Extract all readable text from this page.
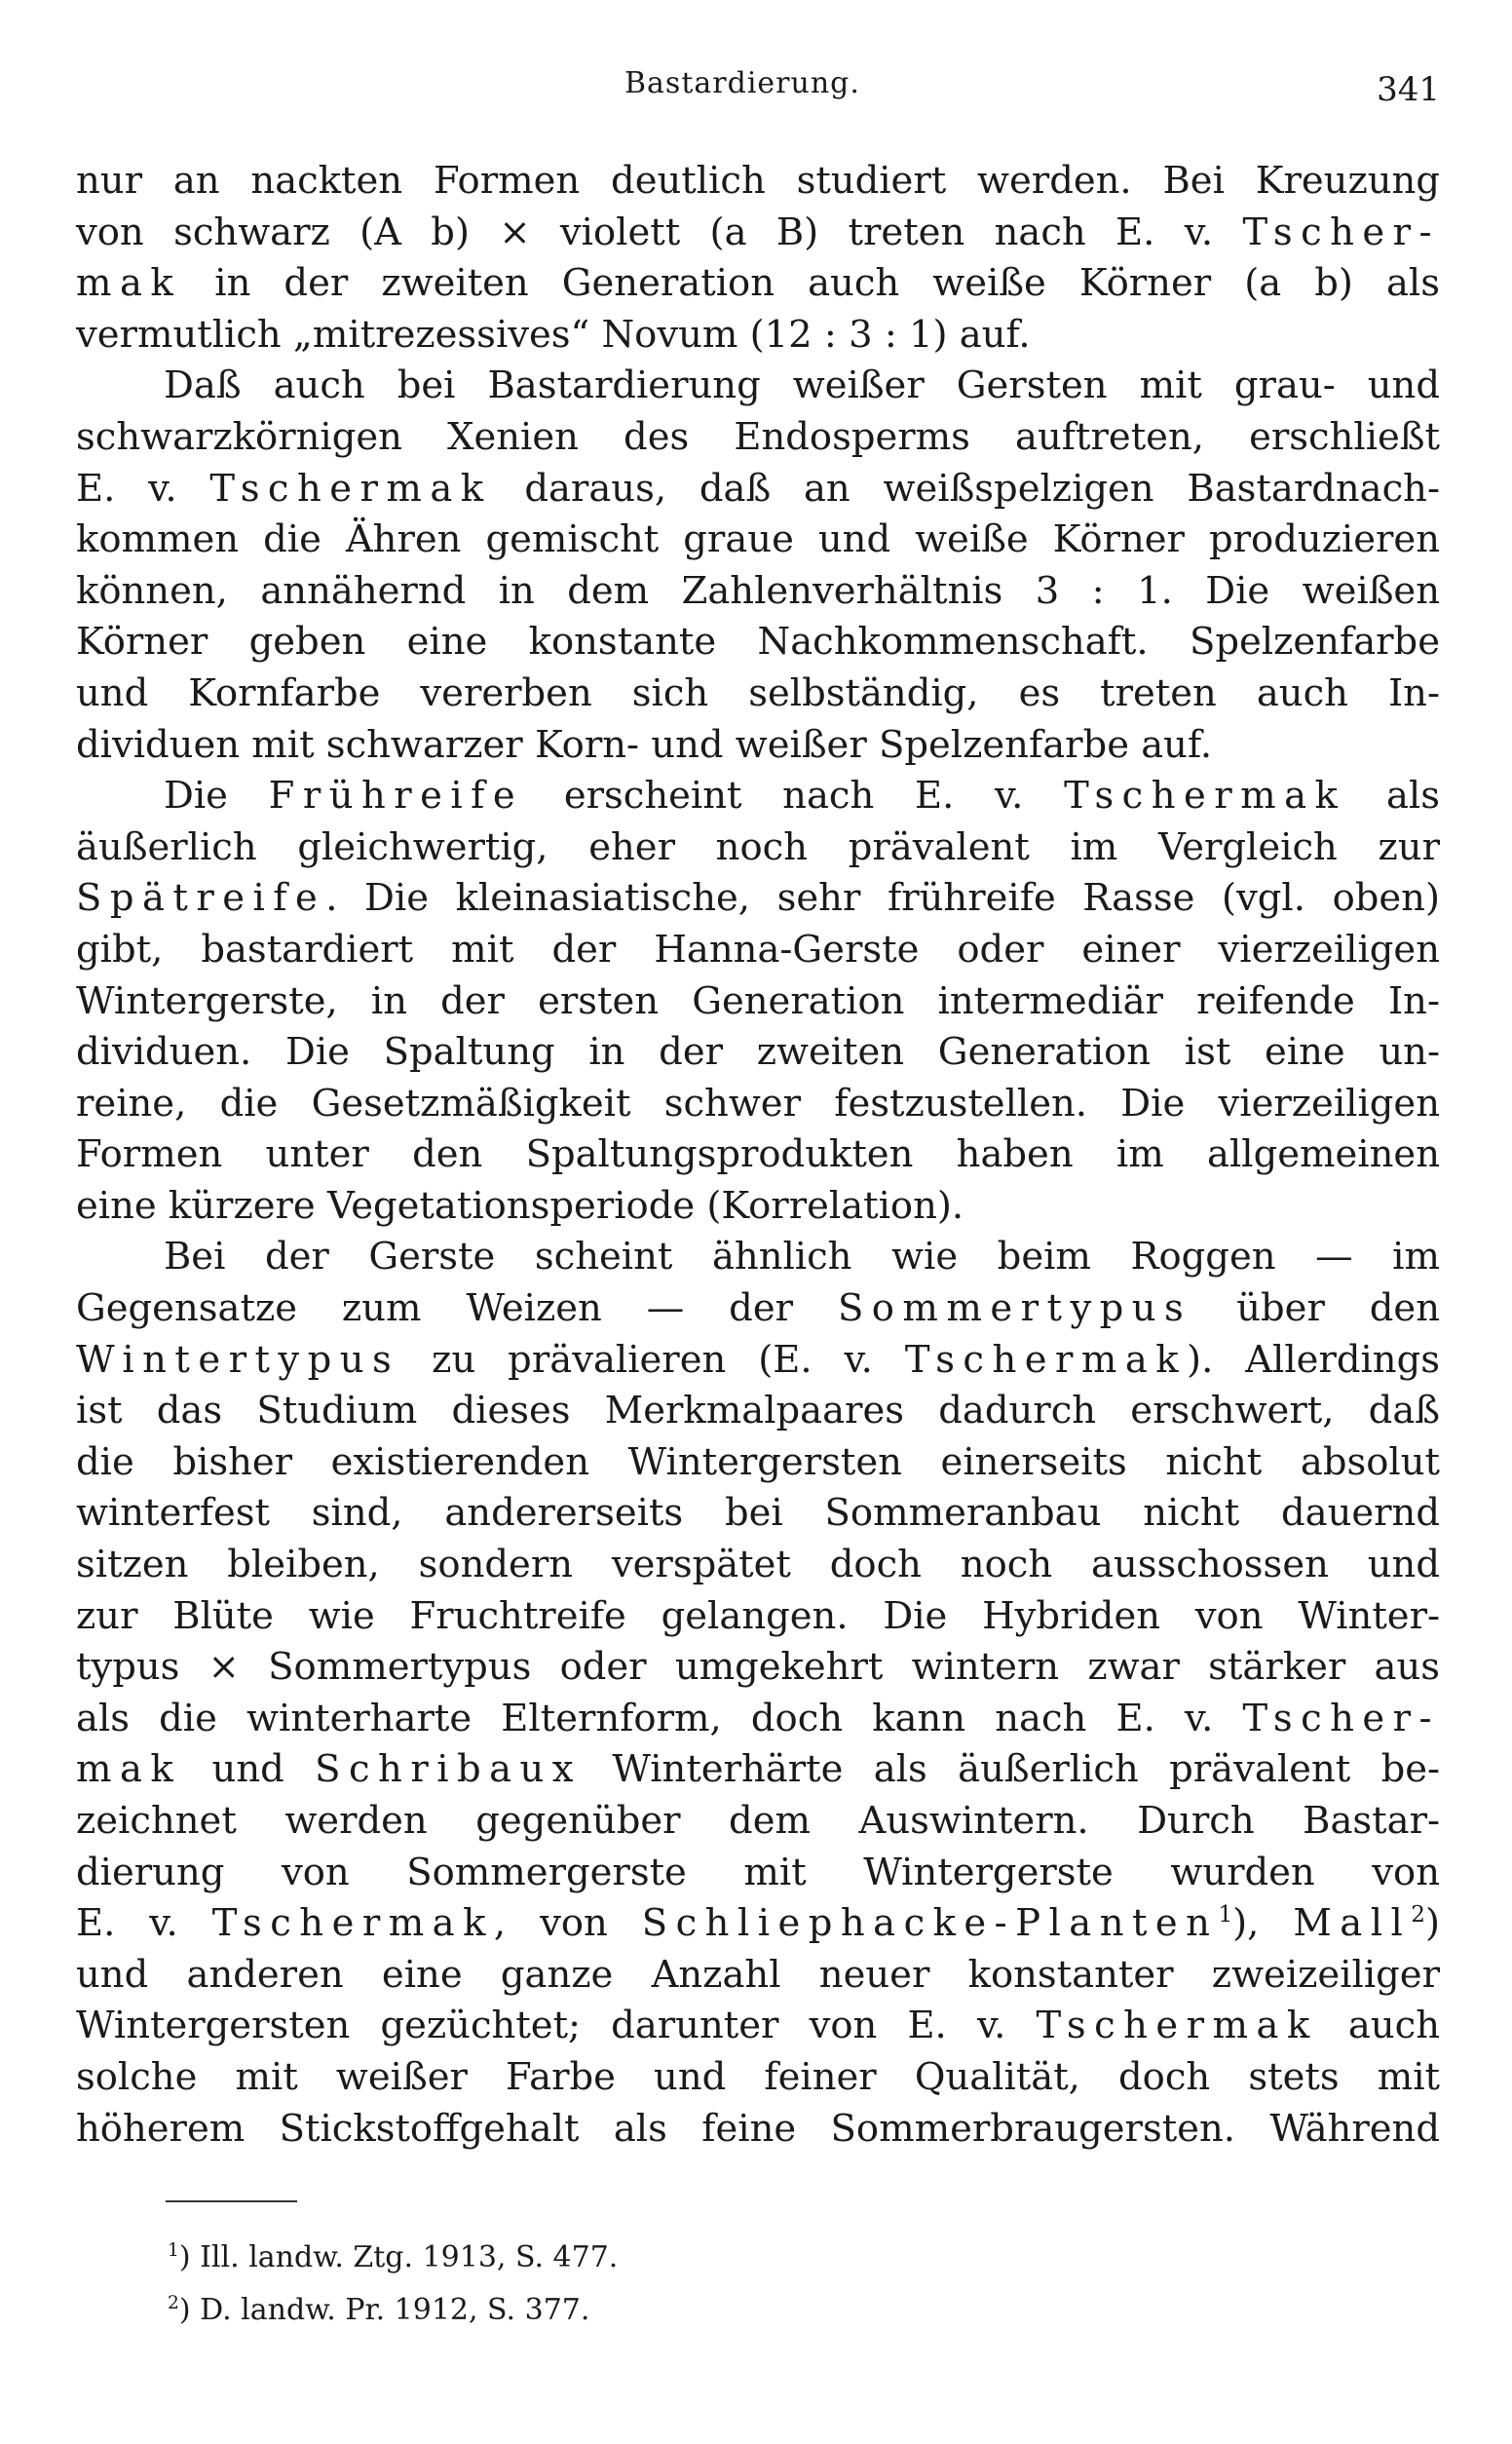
Bastardierung.	341
nur an nackten Formen deutlich studiert werden. Bei Kreuzung
von schwarz (A b) × violett (a B) treten nach E. v. Tscher-
mak in der zweiten Generation auch weiße Körner (a b) als
vermutlich „mitrezessives“ Novum (12 : 3 : 1) auf.
Daß auch bei Bastardierung weißer Gersten mit grau- und
schwarzkörnigen Xenien des Endosperms auftreten, erschließt
E. v. Tschermak daraus, daß an weißspelzigen Bastardnach-
kommen die Ähren gemischt graue und weiße Körner produzieren
können, annähernd in dem Zahlenverhältnis 3 : 1. Die weißen
Körner geben eine konstante Nachkommenschaft. Spelzenfarbe
und Kornfarbe vererben sich selbständig, es treten auch In-
dividuen mit schwarzer Korn- und weißer Spelzenfarbe auf.
Die Frühreife erscheint nach E. v. Tschermak als
äußerlich gleichwertig, eher noch prävalent im Vergleich zur
Spätreife. Die kleinasiatische, sehr frühreife Rasse (vgl. oben)
gibt, bastardiert mit der Hanna-Gerste oder einer vierzeiligen
Wintergerste, in der ersten Generation intermediär reifende In-
dividuen. Die Spaltung in der zweiten Generation ist eine un-
reine, die Gesetzmäßigkeit schwer festzustellen. Die vierzeiligen
Formen unter den Spaltungsprodukten haben im allgemeinen
eine kürzere Vegetationsperiode (Korrelation).
Bei der Gerste scheint ähnlich wie beim Roggen — im
Gegensatze zum Weizen — der Sommertypus über den
Wintertypus zu prävalieren (E. v. Tschermak). Allerdings
ist das Studium dieses Merkmalpaares dadurch erschwert, daß
die bisher existierenden Wintergersten einerseits nicht absolut
winterfest sind, andererseits bei Sommeranbau nicht dauernd
sitzen bleiben, sondern verspätet doch noch ausschossen und
zur Blüte wie Fruchtreife gelangen. Die Hybriden von Winter-
typus × Sommertypus oder umgekehrt wintern zwar stärker aus
als die winterharte Elternform, doch kann nach E. v. Tscher-
mak und Schribaux Winterhärte als äußerlich prävalent be-
zeichnet werden gegenüber dem Auswintern. Durch Bastar-
dierung von Sommergerste mit Wintergerste wurden von
E. v. Tschermak, von Schliephacke-Planten$^1$), Mall$^2$)
und anderen eine ganze Anzahl neuer konstanter zweizeiliger
Wintergersten gezüchtet; darunter von E. v. Tschermak auch
solche mit weißer Farbe und feiner Qualität, doch stets mit
höherem Stickstoffgehalt als feine Sommerbraugersten. Während
$^1$) Ill. landw. Ztg. 1913, S. 477.
$^2$) D. landw. Pr. 1912, S. 377.
